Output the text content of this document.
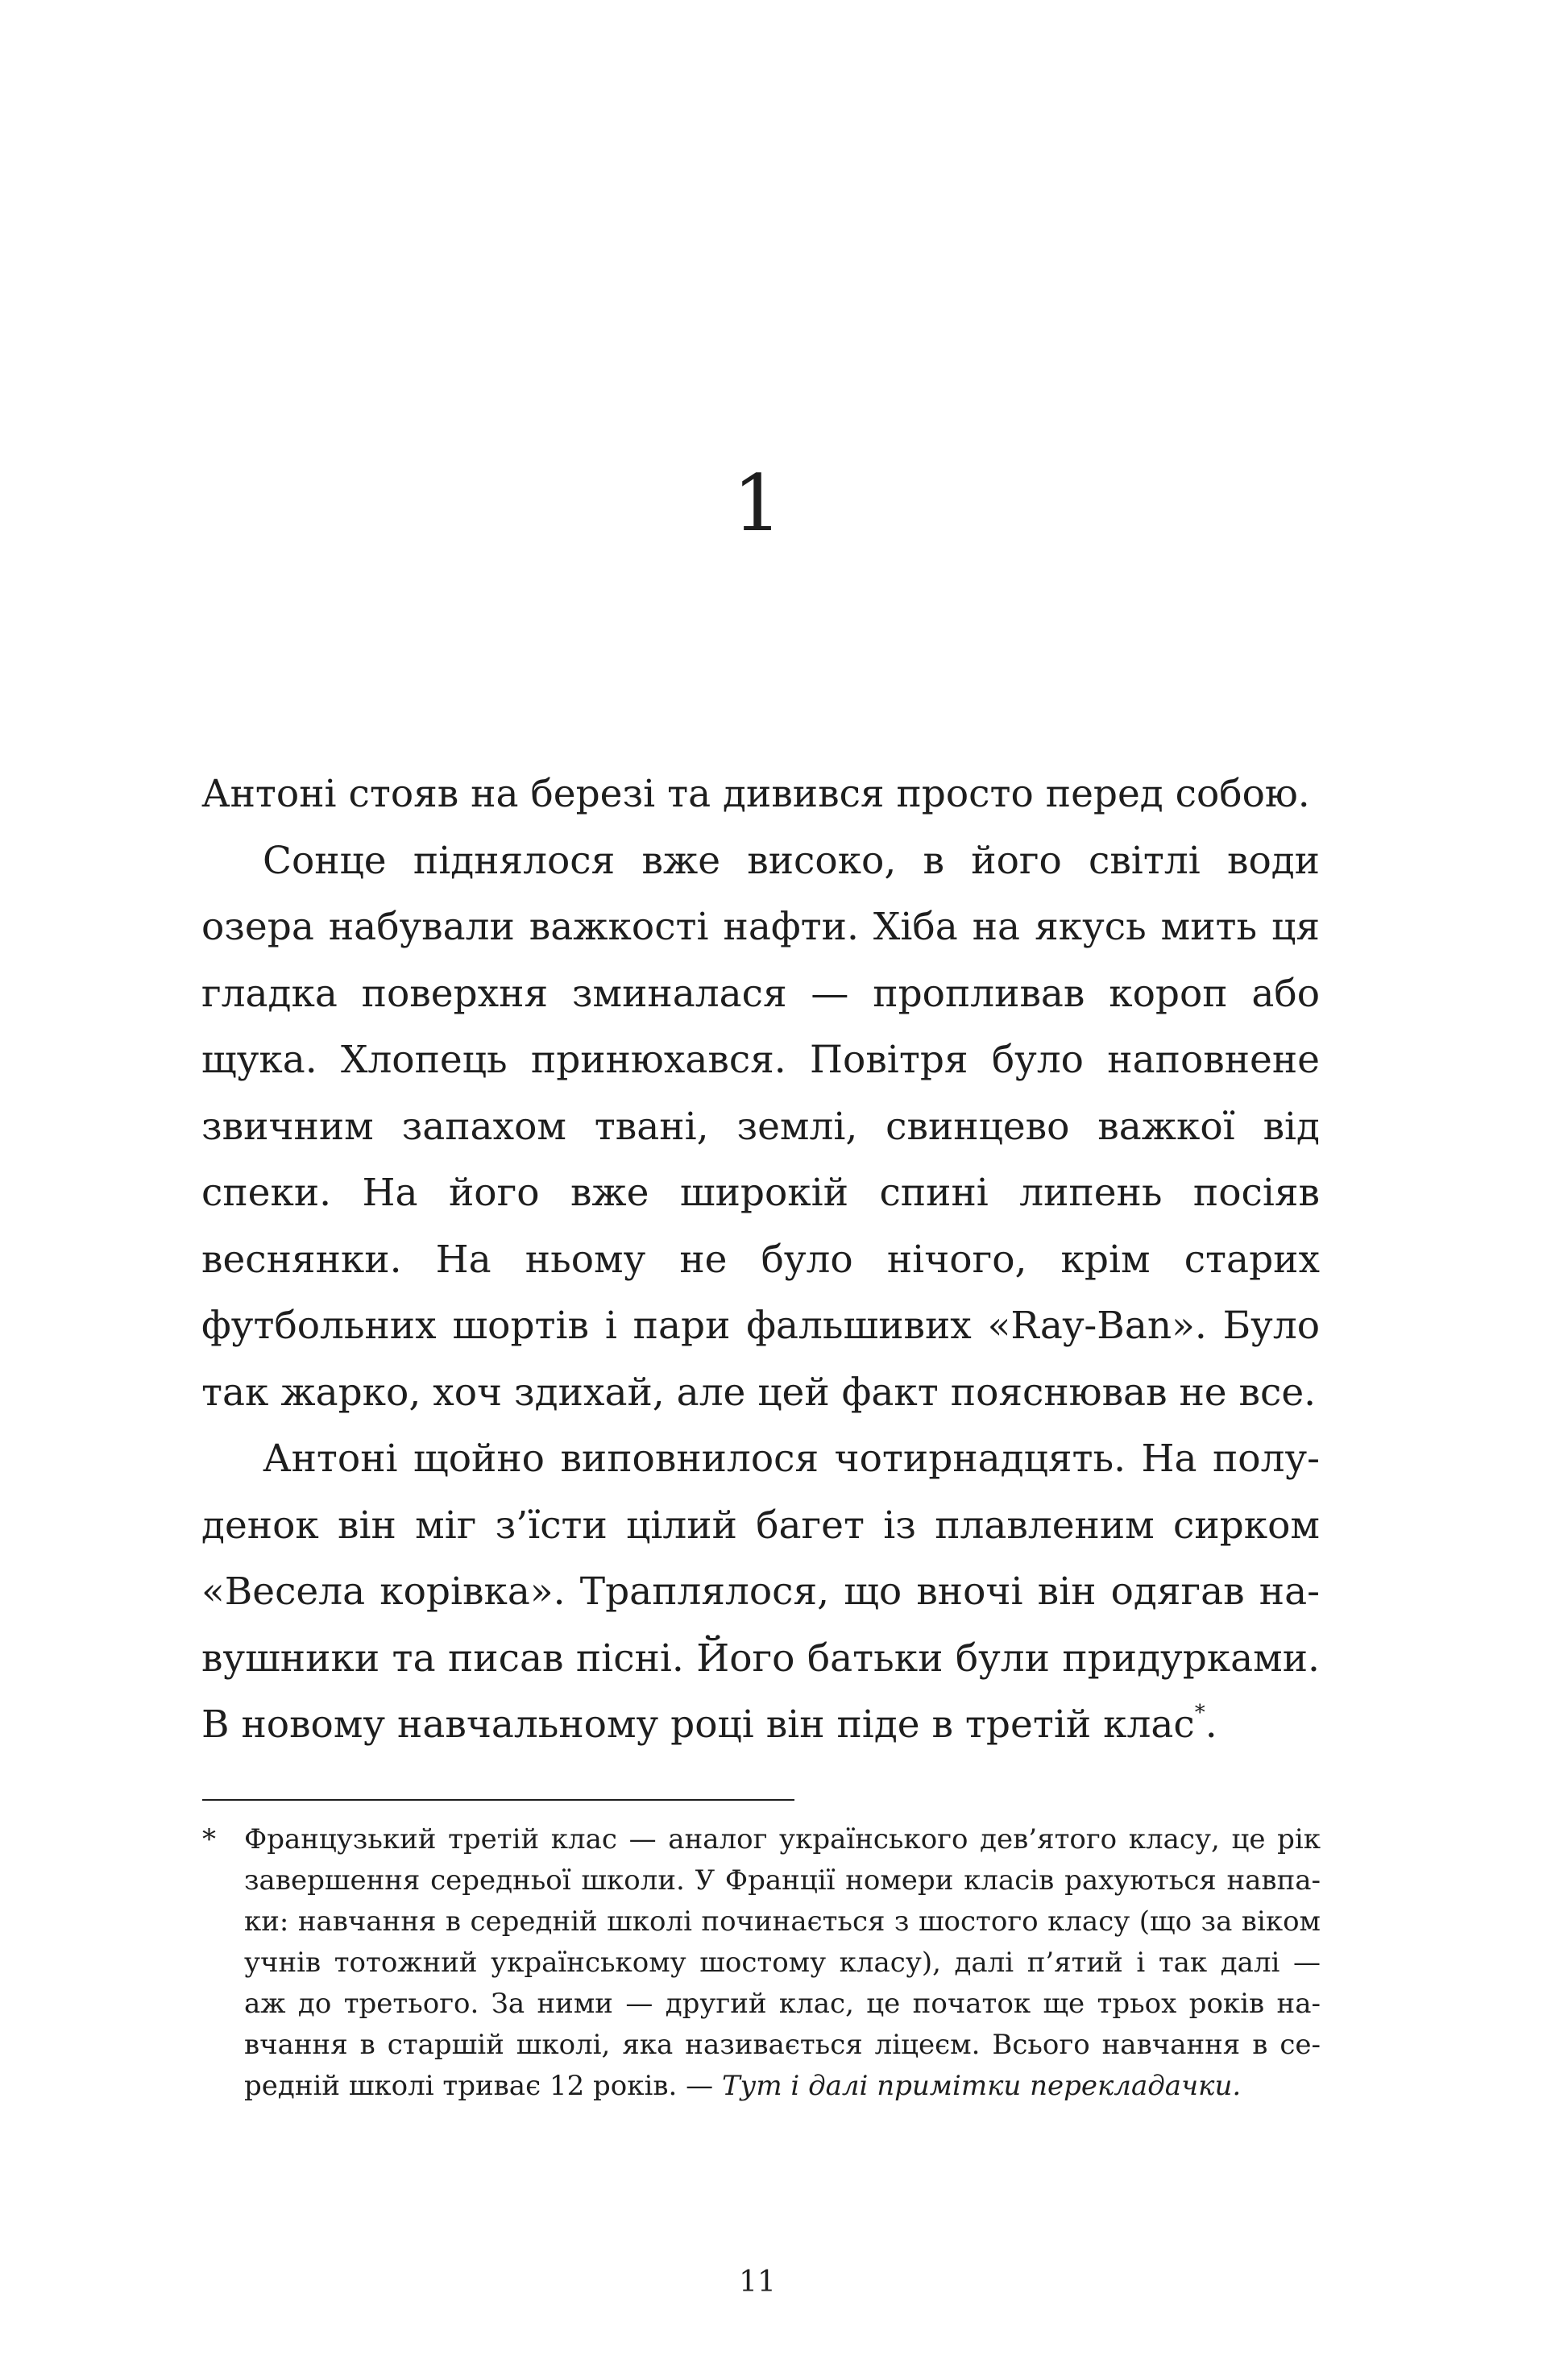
1

Антоні стояв на березі та дивився просто перед собою.

Сонце піднялося вже високо, в його світлі води озера набували важкості нафти. Хіба на якусь мить ця гладка поверхня зминалася — пропливав короп або щука. Хлопець принюхався. Повітря було наповнене звичним запахом твані, землі, свинцево важкої від спеки. На його вже широкій спині липень посіяв веснянки. На ньому не було нічого, крім старих футбольних шортів і пари фальшивих «Ray-Ban». Було так жарко, хоч здихай, але цей факт пояснював не все.

Антоні щойно виповнилося чотирнадцять. На полуденок він міг з’їсти цілий багет із плавленим сирком «Весела корівка». Траплялося, що вночі він одягав навушники та писав пісні. Його батьки були придурками. В новому навчальному році він піде в третій клас*.

* Французький третій клас — аналог українського дев’ятого класу, це рік завершення середньої школи. У Франції номери класів рахуються навпаки: навчання в середній школі починається з шостого класу (що за віком учнів тотожний українському шостому класу), далі п’ятий і так далі — аж до третього. За ними — другий клас, це початок ще трьох років навчання в старшій школі, яка називається ліцеєм. Всього навчання в середній школі триває 12 років. — Тут і далі примітки перекладачки.
11
